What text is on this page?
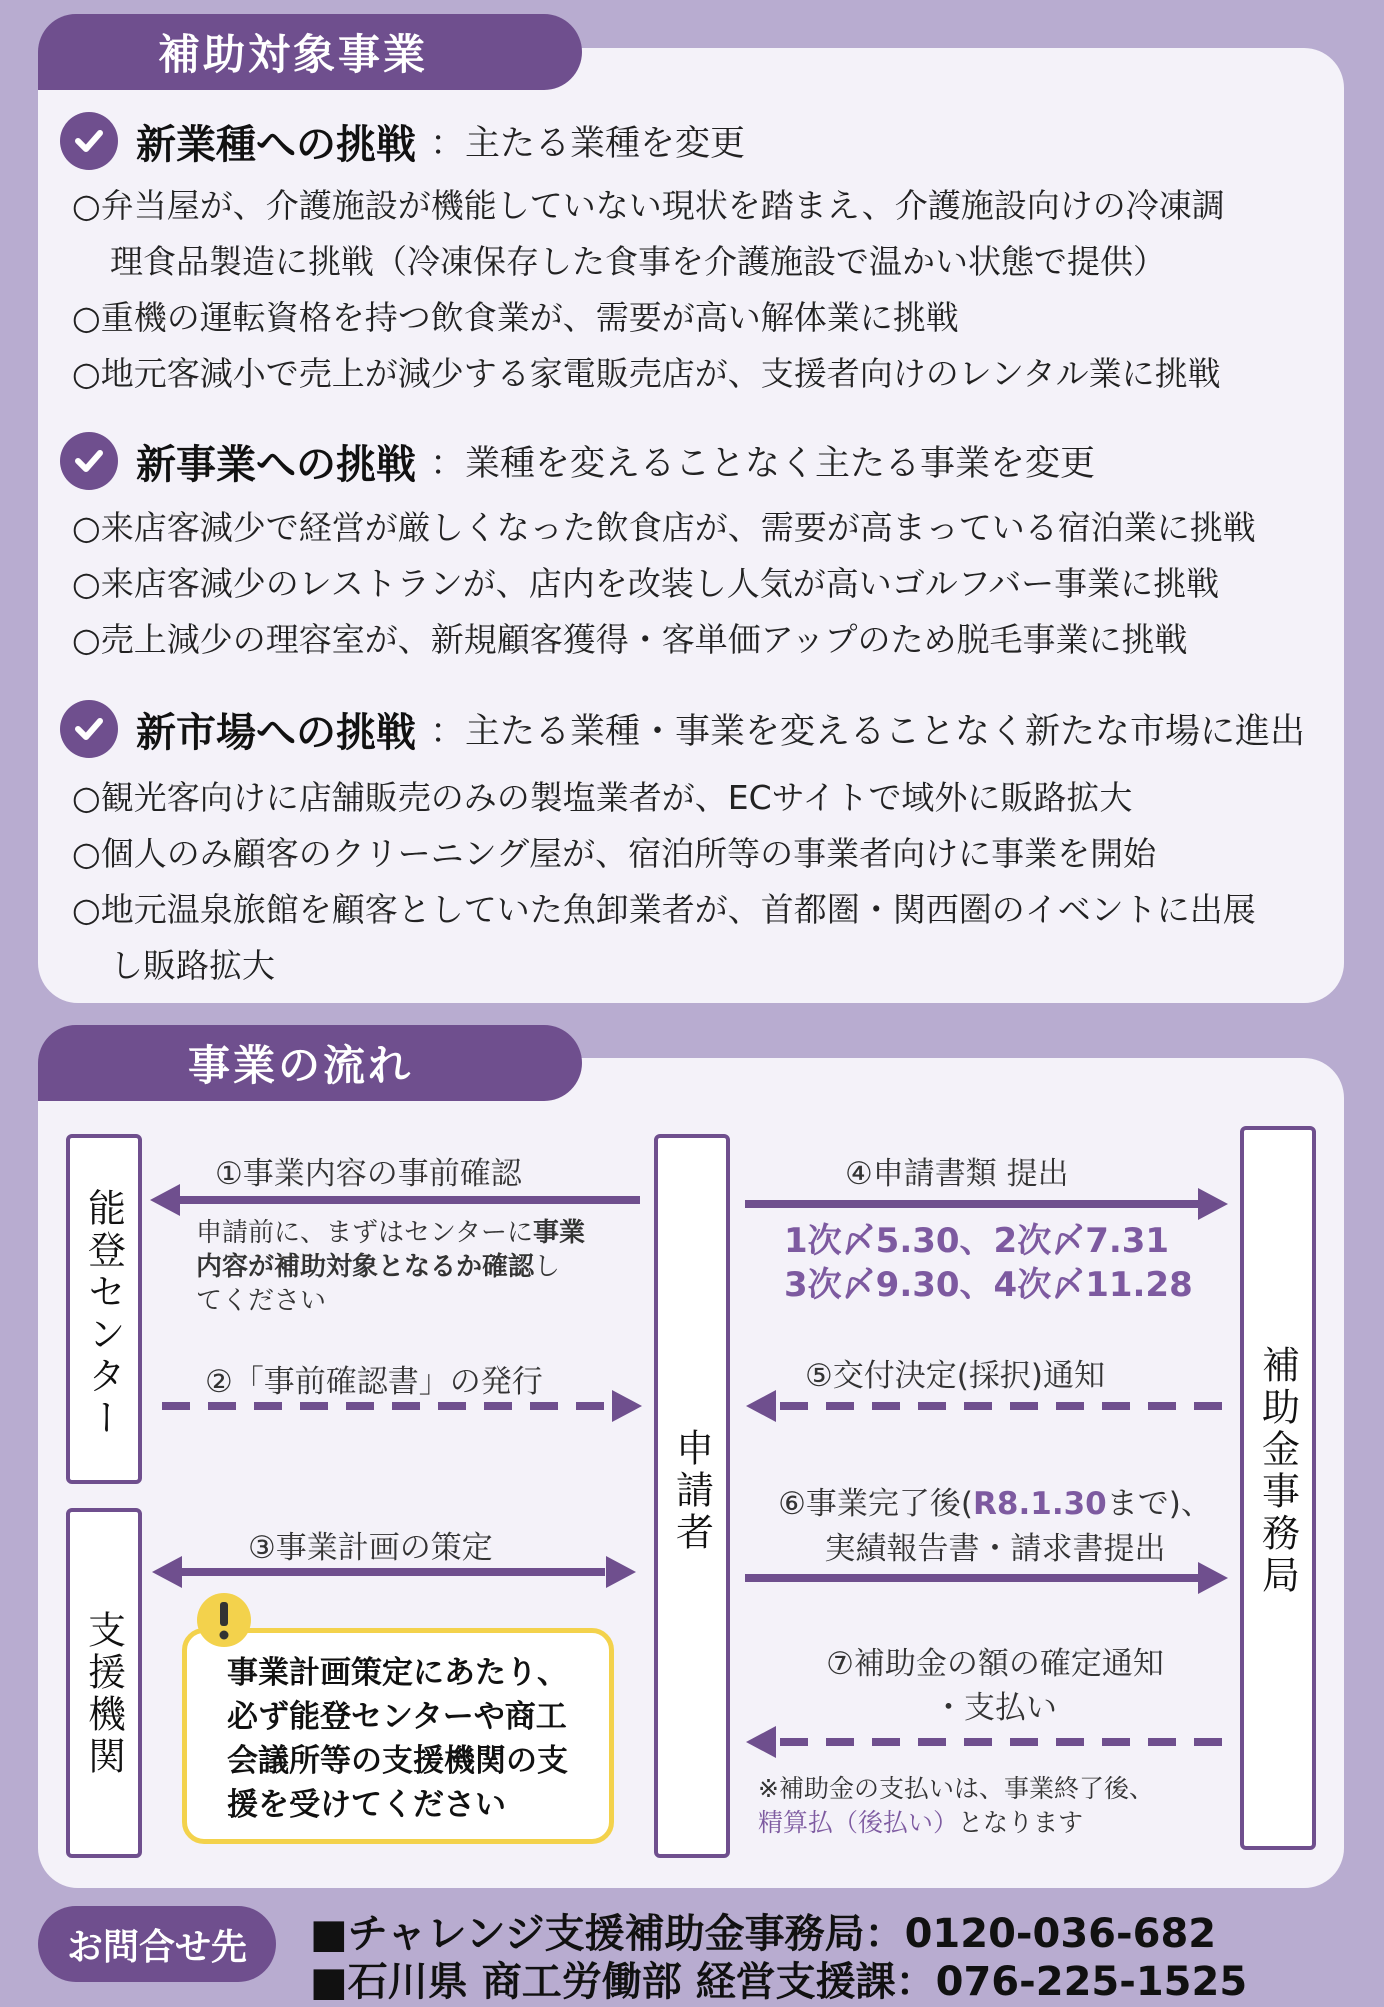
補助対象事業
新業種への挑戦 ：主たる業種を変更
○弁当屋が、介護施設が機能していない現状を踏まえ、介護施設向けの冷凍調
理食品製造に挑戦（冷凍保存した食事を介護施設で温かい状態で提供）
○重機の運転資格を持つ飲食業が、需要が高い解体業に挑戦
○地元客減小で売上が減少する家電販売店が、支援者向けのレンタル業に挑戦
新事業への挑戦 ：業種を変えることなく主たる事業を変更
○来店客減少で経営が厳しくなった飲食店が、需要が高まっている宿泊業に挑戦
○来店客減少のレストランが、店内を改装し人気が高いゴルフバー事業に挑戦
○売上減少の理容室が、新規顧客獲得・客単価アップのため脱毛事業に挑戦
新市場への挑戦 ：主たる業種・事業を変えることなく新たな市場に進出
○観光客向けに店舗販売のみの製塩業者が、ECサイトで域外に販路拡大
○個人のみ顧客のクリーニング屋が、宿泊所等の事業者向けに事業を開始
○地元温泉旅館を顧客としていた魚卸業者が、首都圏・関西圏のイベントに出展
し販路拡大
事業の流れ
能登センター
支援機関
申請者	補助金事務局
①事業内容の事前確認
申請前に、まずはセンターに事業
内容が補助対象となるか確認し
てください
②「事前確認書」の発行
③事業計画の策定
④申請書類 提出
1次〆5.30、2次〆7.31
3次〆9.30、4次〆11.28
⑤交付決定(採択)通知
⑥事業完了後(R8.1.30まで)、
実績報告書・請求書提出
⑦補助金の額の確定通知
・支払い
※補助金の支払いは、事業終了後、
精算払（後払い）となります
事業計画策定にあたり、必ず能登センターや商工会議所等の支援機関の支援を受けてください
お問合せ先	■チャレンジ支援補助金事務局：0120-036-682
■石川県 商工労働部 経営支援課：076-225-1525
